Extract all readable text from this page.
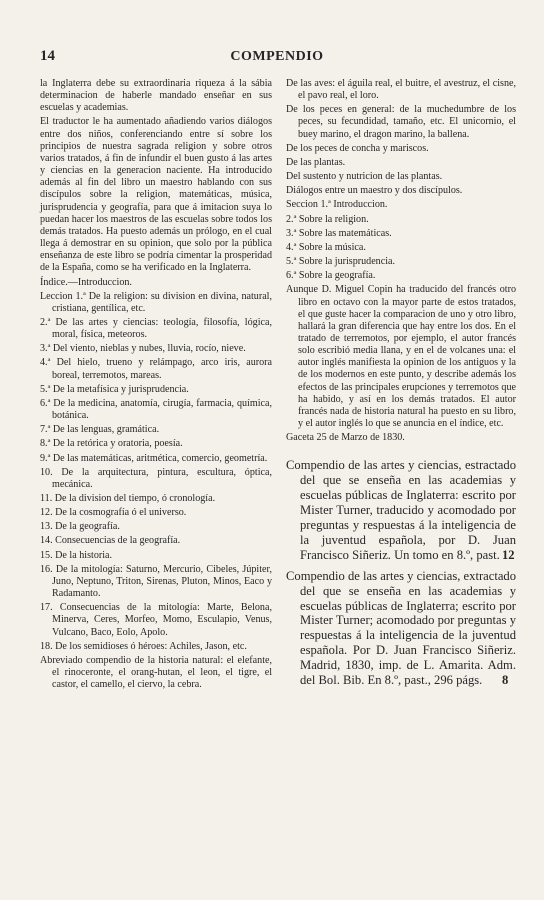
14	COMPENDIO

la Inglaterra debe su extraordinaria riqueza á la sábia determinacion de haberle mandado enseñar en sus escuelas y academias.

El traductor le ha aumentado añadiendo varios diálogos entre dos niños, conferenciando entre sí sobre los principios de nuestra sagrada religion y sobre otros varios tratados, á fin de infundir el buen gusto á las artes y ciencias en la generacion naciente. Ha introducido además al fin del libro un maestro hablando con sus discípulos sobre la religion, matemáticas, música, jurisprudencia y geografía, para que á imitacion suya lo puedan hacer los maestros de las escuelas sobre todos los demás tratados. Ha puesto además un prólogo, en el cual llega á demostrar en su opinion, que solo por la pública enseñanza de este libro se podría cimentar la prosperidad de la España, como se ha verificado en la Inglaterra.

Índice.—Introduccion.

Leccion 1.ª De la religion: su division en divina, natural, cristiana, gentílica, etc.

2.ª De las artes y ciencias: teología, filosofía, lógica, moral, física, meteoros.

3.ª Del viento, nieblas y nubes, lluvia, rocío, nieve.

4.ª Del hielo, trueno y relámpago, arco iris, aurora boreal, terremotos, mareas.

5.ª De la metafísica y jurisprudencia.

6.ª De la medicina, anatomía, cirugía, farmacia, química, botánica.

7.ª De las lenguas, gramática.

8.ª De la retórica y oratoria, poesía.

9.ª De las matemáticas, aritmética, comercio, geometría.

10. De la arquitectura, pintura, escultura, óptica, mecánica.

11. De la division del tiempo, ó cronología.

12. De la cosmografía ó el universo.

13. De la geografía.

14. Consecuencias de la geografía.

15. De la historia.

16. De la mitología: Saturno, Mercurio, Cibeles, Júpiter, Juno, Neptuno, Triton, Sirenas, Pluton, Minos, Eaco y Radamanto.

17. Consecuencias de la mitología: Marte, Belona, Minerva, Ceres, Morfeo, Momo, Esculapio, Venus, Vulcano, Baco, Eolo, Apolo.

18. De los semidioses ó héroes: Achiles, Jason, etc.

Abreviado compendio de la historia natural: el elefante, el rinoceronte, el orang-hutan, el leon, el tigre, el castor, el camello, el ciervo, la cebra.

De las aves: el águila real, el buitre, el avestruz, el cisne, el pavo real, el loro.

De los peces en general: de la muchedumbre de los peces, su fecundidad, tamaño, etc. El unicornio, el buey marino, el dragon marino, la ballena.

De los peces de concha y mariscos.

De las plantas.

Del sustento y nutricion de las plantas.

Diálogos entre un maestro y dos discípulos.

Seccion 1.ª Introduccion.

2.ª Sobre la religion.

3.ª Sobre las matemáticas.

4.ª Sobre la música.

5.ª Sobre la jurisprudencia.

6.ª Sobre la geografía.

Aunque D. Miguel Copin ha traducido del francés otro libro en octavo con la mayor parte de estos tratados, el que guste hacer la comparacion de uno y otro libro, hallará la gran diferencia que hay entre los dos. En el tratado de terremotos, por ejemplo, el autor francés solo escribió media llana, y en el de volcanes una: el autor inglés manifiesta la opinion de los antiguos y la de los modernos en este punto, y describe además los efectos de las principales erupciones y terremotos que ha habido, y así en los demás tratados. El autor francés nada de historia natural ha puesto en su libro, y el autor inglés lo que se anuncia en el índice, etc.

Gaceta 25 de Marzo de 1830.

Compendio de las artes y ciencias, estractado del que se enseña en las academias y escuelas públicas de Inglaterra: escrito por Mister Turner, traducido y acomodado por preguntas y respuestas á la inteligencia de la juventud española, por D. Juan Francisco Siñeriz. Un tomo en 8.º, past. 12
Compendio de las artes y ciencias, extractado del que se enseña en las academias y escuelas públicas de Inglaterra; escrito por Mister Turner; acomodado por preguntas y respuestas á la inteligencia de la juventud española. Por D. Juan Francisco Siñeriz. Madrid, 1830, imp. de L. Amarita. Adm. del Bol. Bib. En 8.º, past., 296 págs. 8
